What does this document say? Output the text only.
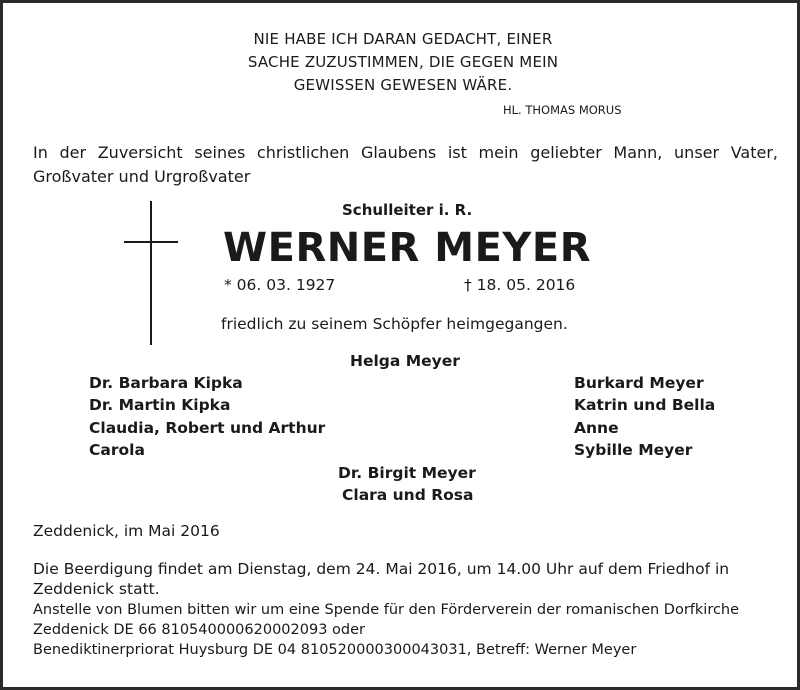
NIE HABE ICH DARAN GEDACHT, EINER
SACHE ZUZUSTIMMEN, DIE GEGEN MEIN
GEWISSEN GEWESEN WÄRE.
HL. THOMAS MORUS
In der Zuversicht seines christlichen Glaubens ist mein geliebter Mann, unser Vater, Großvater und Urgroßvater
Schulleiter i. R.
WERNER MEYER
* 06. 03. 1927	† 18. 05. 2016
friedlich zu seinem Schöpfer heimgegangen.
Helga Meyer
Dr. Barbara Kipka
Dr. Martin Kipka
Claudia, Robert und Arthur
Carola
Burkard Meyer
Katrin und Bella
Anne
Sybille Meyer
Dr. Birgit Meyer
Clara und Rosa
Zeddenick, im Mai 2016
Die Beerdigung findet am Dienstag, dem 24. Mai 2016, um 14.00 Uhr auf dem Friedhof in
Zeddenick statt.
Anstelle von Blumen bitten wir um eine Spende für den Förderverein der romanischen Dorfkirche
Zeddenick DE 66 810540000620002093 oder
Benediktinerpriorat Huysburg DE 04 810520000300043031, Betreff: Werner Meyer
